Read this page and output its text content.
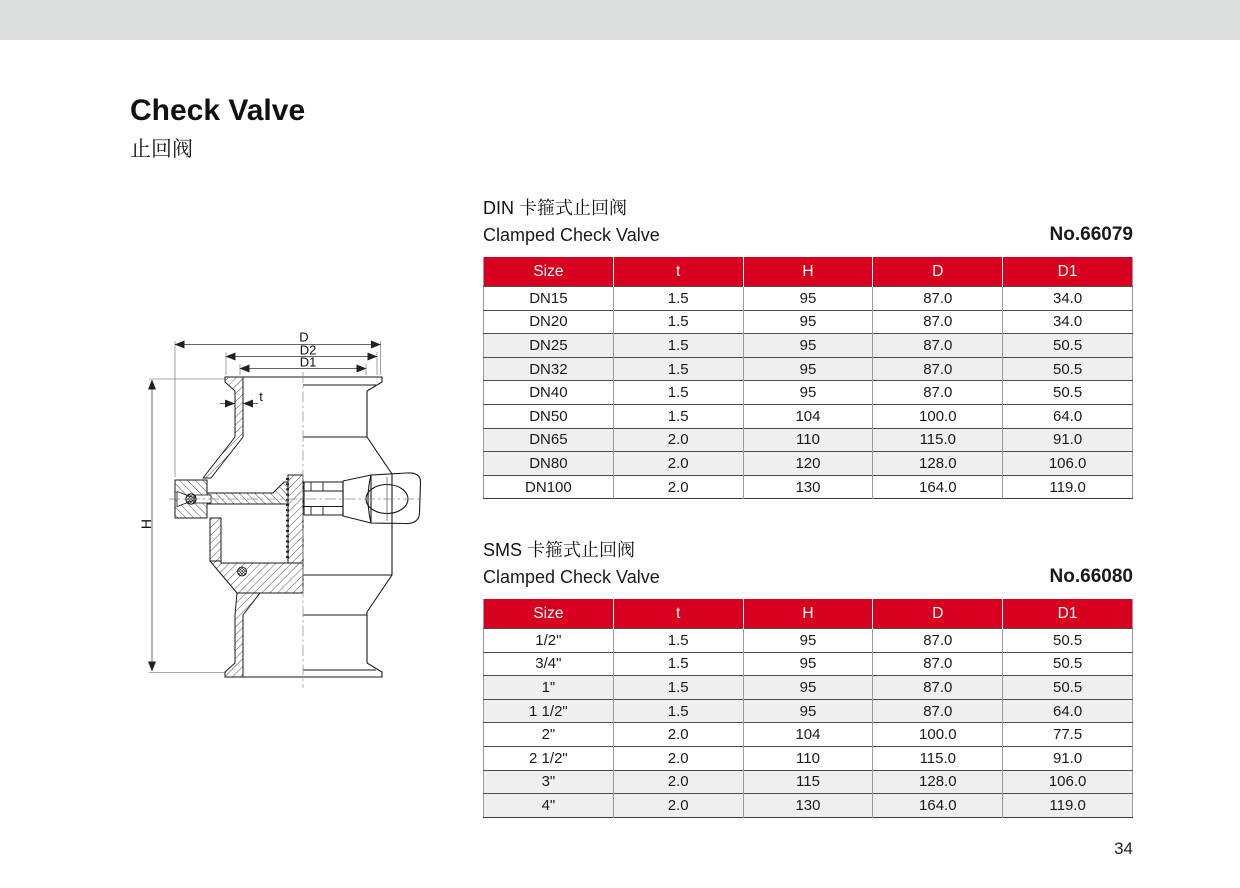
Check Valve
止回阀
D
D2
D1
t
H
DIN 卡箍式止回阀
Clamped Check Valve	No.66079
Size	t	H	D	D1
DN15	1.5	95	87.0	34.0
DN20	1.5	95	87.0	34.0
DN25	1.5	95	87.0	50.5
DN32	1.5	95	87.0	50.5
DN40	1.5	95	87.0	50.5
DN50	1.5	104	100.0	64.0
DN65	2.0	110	115.0	91.0
DN80	2.0	120	128.0	106.0
DN100	2.0	130	164.0	119.0
SMS 卡箍式止回阀
Clamped Check Valve	No.66080
Size	t	H	D	D1
1/2"	1.5	95	87.0	50.5
3/4"	1.5	95	87.0	50.5
1"	1.5	95	87.0	50.5
1 1/2"	1.5	95	87.0	64.0
2"	2.0	104	100.0	77.5
2 1/2"	2.0	110	115.0	91.0
3"	2.0	115	128.0	106.0
4"	2.0	130	164.0	119.0
34
